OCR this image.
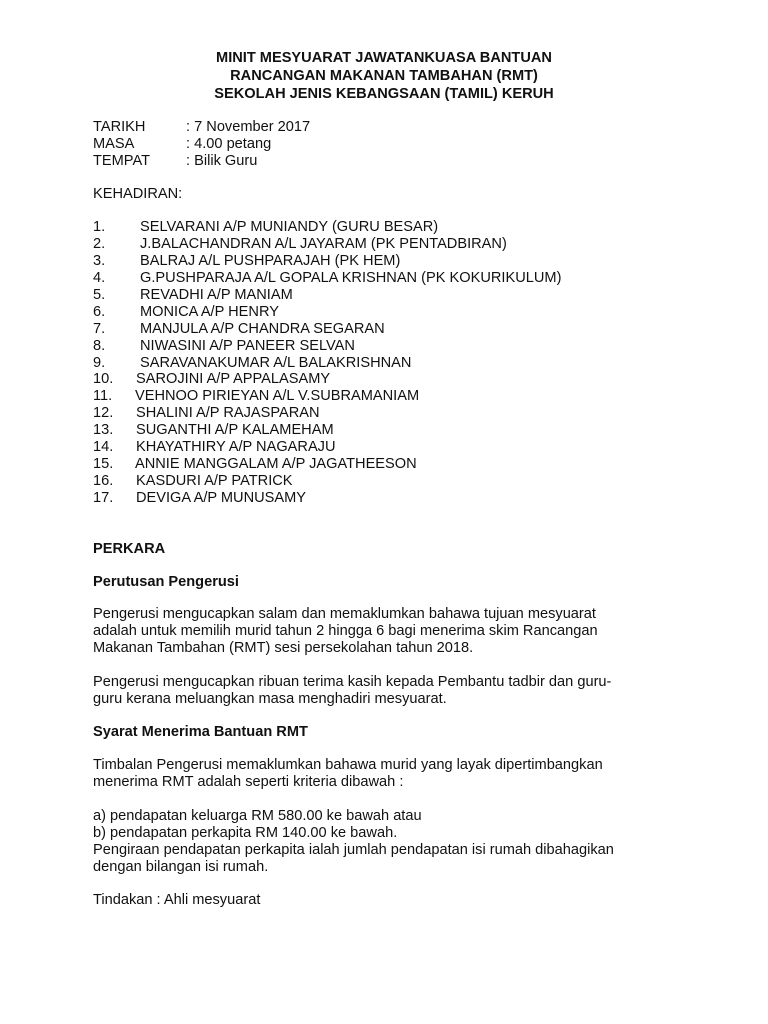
MINIT MESYUARAT JAWATANKUASA BANTUAN
RANCANGAN MAKANAN TAMBAHAN (RMT)
SEKOLAH JENIS KEBANGSAAN (TAMIL) KERUH
TARIKH	: 7 November 2017
MASA	: 4.00 petang
TEMPAT : Bilik Guru
KEHADIRAN:
1. SELVARANI A/P MUNIANDY (GURU BESAR)
2. J.BALACHANDRAN A/L JAYARAM (PK PENTADBIRAN)
3. BALRAJ A/L PUSHPARAJAH (PK HEM)
4. G.PUSHPARAJA A/L GOPALA KRISHNAN (PK KOKURIKULUM)
5. REVADHI A/P MANIAM
6. MONICA A/P HENRY
7. MANJULA A/P CHANDRA SEGARAN
8. NIWASINI A/P PANEER SELVAN
9. SARAVANAKUMAR A/L BALAKRISHNAN
10. SAROJINI A/P APPALASAMY
11. VEHNOO PIRIEYAN A/L V.SUBRAMANIAM
12. SHALINI A/P RAJASPARAN
13. SUGANTHI A/P KALAMEHAM
14. KHAYATHIRY A/P NAGARAJU
15. ANNIE MANGGALAM A/P JAGATHEESON
16. KASDURI A/P PATRICK
17. DEVIGA A/P MUNUSAMY
PERKARA
Perutusan Pengerusi
Pengerusi mengucapkan salam dan memaklumkan bahawa tujuan mesyuarat
adalah untuk memilih murid tahun 2 hingga 6 bagi menerima skim Rancangan
Makanan Tambahan (RMT) sesi persekolahan tahun 2018.
Pengerusi mengucapkan ribuan terima kasih kepada Pembantu tadbir dan guru-
guru kerana meluangkan masa menghadiri mesyuarat.
Syarat Menerima Bantuan RMT
Timbalan Pengerusi memaklumkan bahawa murid yang layak dipertimbangkan
menerima RMT adalah seperti kriteria dibawah :
a) pendapatan keluarga RM 580.00 ke bawah atau
b) pendapatan perkapita RM 140.00 ke bawah.
Pengiraan pendapatan perkapita ialah jumlah pendapatan isi rumah dibahagikan
dengan bilangan isi rumah.
Tindakan : Ahli mesyuarat
